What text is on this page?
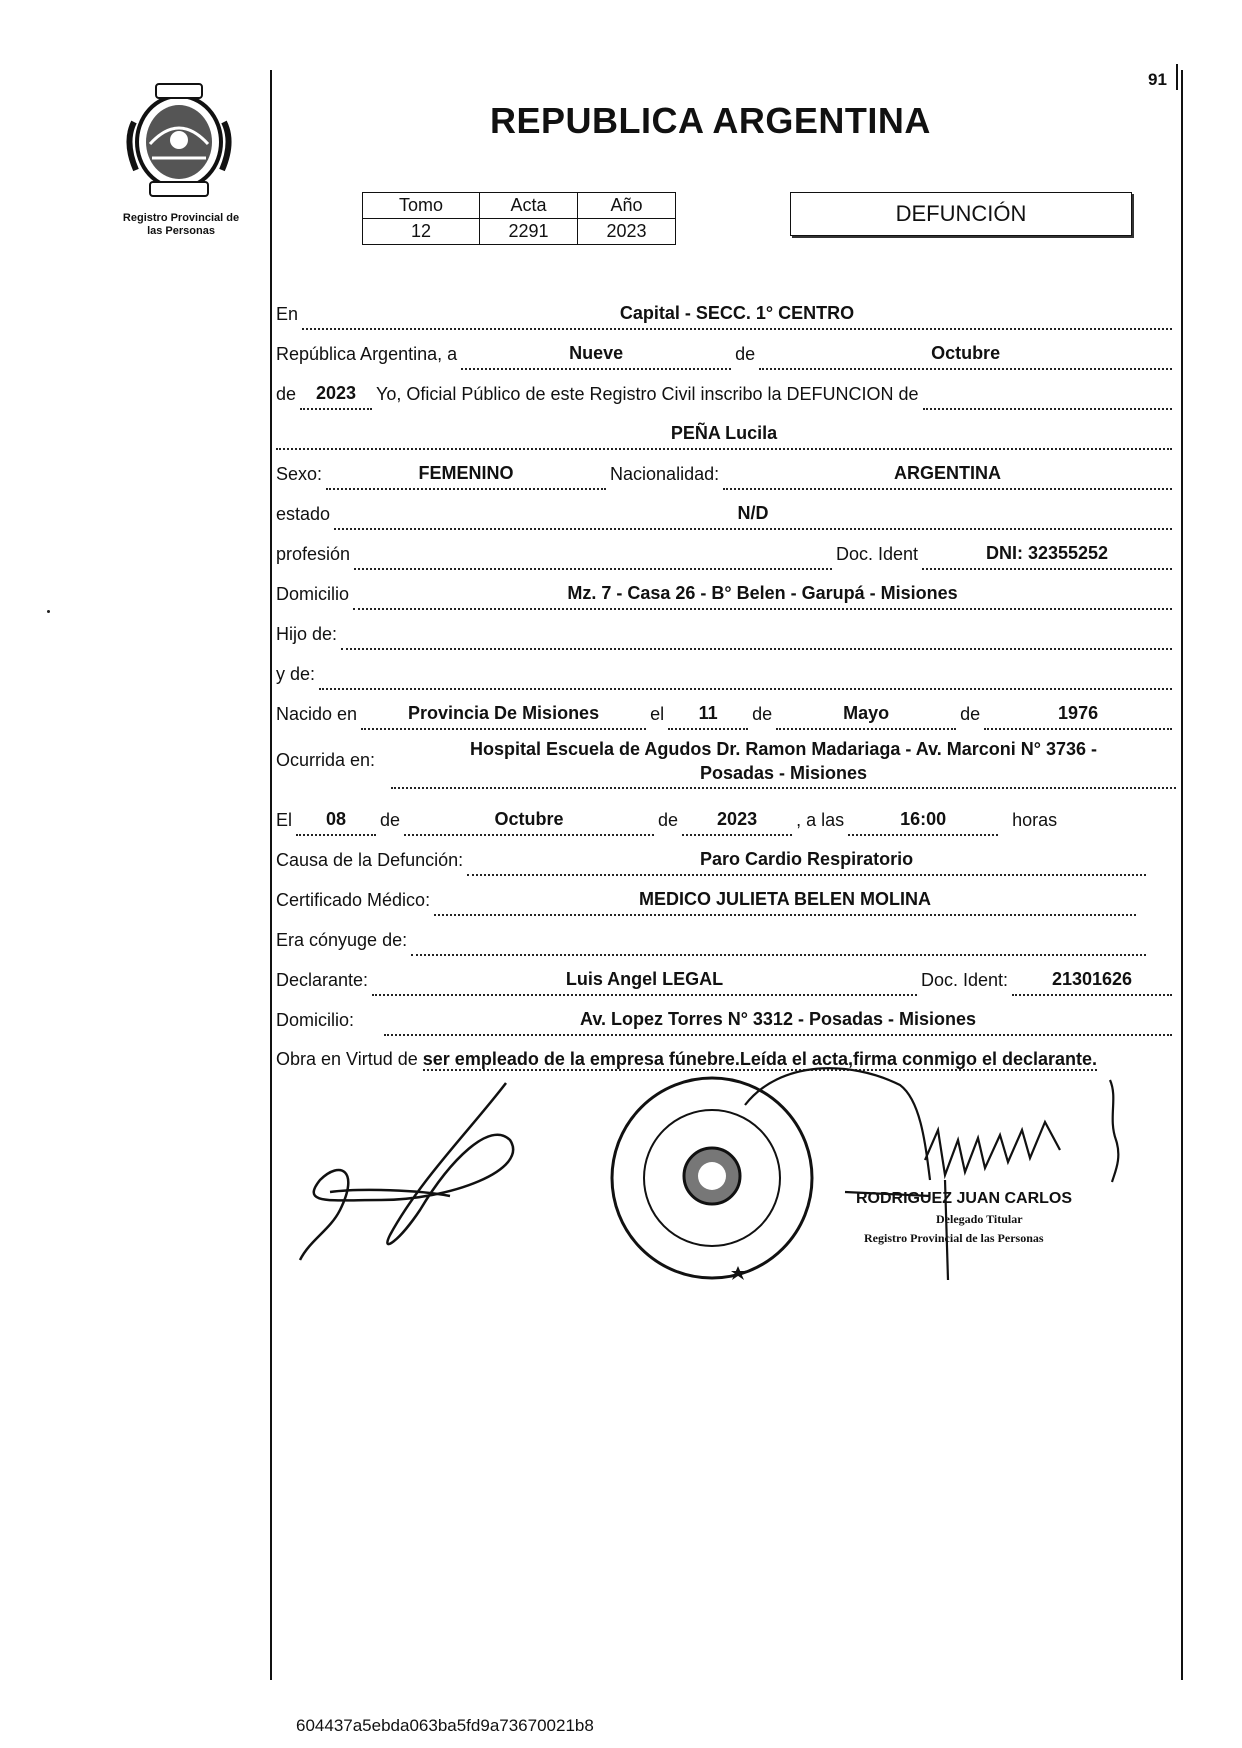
91
Registro Provincial de
las Personas
REPUBLICA ARGENTINA
Tomo	Acta	Año
12	2291	2023
DEFUNCIÓN
En	Capital - SECC. 1° CENTRO
República Argentina, a	Nueve	de	Octubre
de	2023	Yo, Oficial Público de este Registro Civil inscribo la DEFUNCION de
PEÑA Lucila
Sexo:	FEMENINO	Nacionalidad:	ARGENTINA
estado	N/D
profesión	Doc. Ident	DNI: 32355252
Domicilio	Mz. 7 - Casa 26 - B° Belen - Garupá - Misiones
Hijo de:
y de:
Nacido en	Provincia De Misiones	el	11	de	Mayo	de	1976
Ocurrida en:
Hospital Escuela de Agudos Dr. Ramon Madariaga - Av. Marconi N° 3736 -
Posadas - Misiones
El	08	de	Octubre	de	2023	, a las	16:00	horas
Causa de la Defunción:	Paro Cardio Respiratorio
Certificado Médico:	MEDICO JULIETA BELEN MOLINA
Era cónyuge de:
Declarante:	Luis Angel LEGAL	Doc. Ident:	21301626
Domicilio:	Av. Lopez Torres N° 3312 - Posadas - Misiones
Obra en Virtud de ser empleado de la empresa fúnebre.Leída el acta,firma conmigo el declarante.
RODRIGUEZ JUAN CARLOS
Delegado Titular
Registro Provincial de las Personas
604437a5ebda063ba5fd9a73670021b8
